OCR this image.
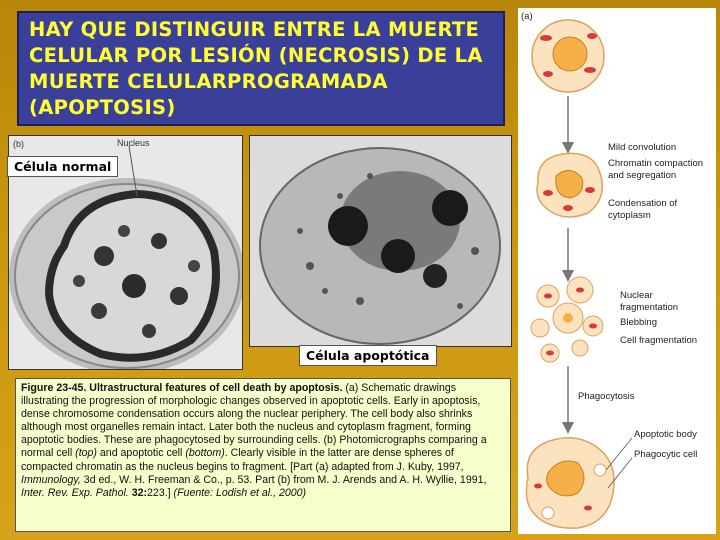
HAY QUE DISTINGUIR ENTRE LA MUERTE CELULAR POR LESIÓN (NECROSIS) DE LA MUERTE CELULARPROGRAMADA (APOPTOSIS)
(b)	Nucleus
Célula normal
Célula apoptótica
Figure 23-45. Ultrastructural features of cell death by apoptosis. (a) Schematic drawings illustrating the progression of morphologic changes observed in apoptotic cells. Early in apoptosis, dense chromosome condensation occurs along the nuclear periphery. The cell body also shrinks although most organelles remain intact. Later both the nucleus and cytoplasm fragment, forming apoptotic bodies. These are phagocytosed by surrounding cells. (b) Photomicrographs comparing a normal cell (top) and apoptotic cell (bottom). Clearly visible in the latter are dense spheres of compacted chromatin as the nucleus begins to fragment. [Part (a) adapted from J. Kuby, 1997, Immunology, 3d ed., W. H. Freeman & Co., p. 53. Part (b) from M. J. Arends and A. H. Wyllie, 1991, Inter. Rev. Exp. Pathol. 32:223.] (Fuente: Lodish et al., 2000)
(a)
Mild convolution
Chromatin compaction and segregation
Condensation of cytoplasm
Nuclear fragmentation
Blebbing
Cell fragmentation
Phagocytosis
Apoptotic body
Phagocytic cell
